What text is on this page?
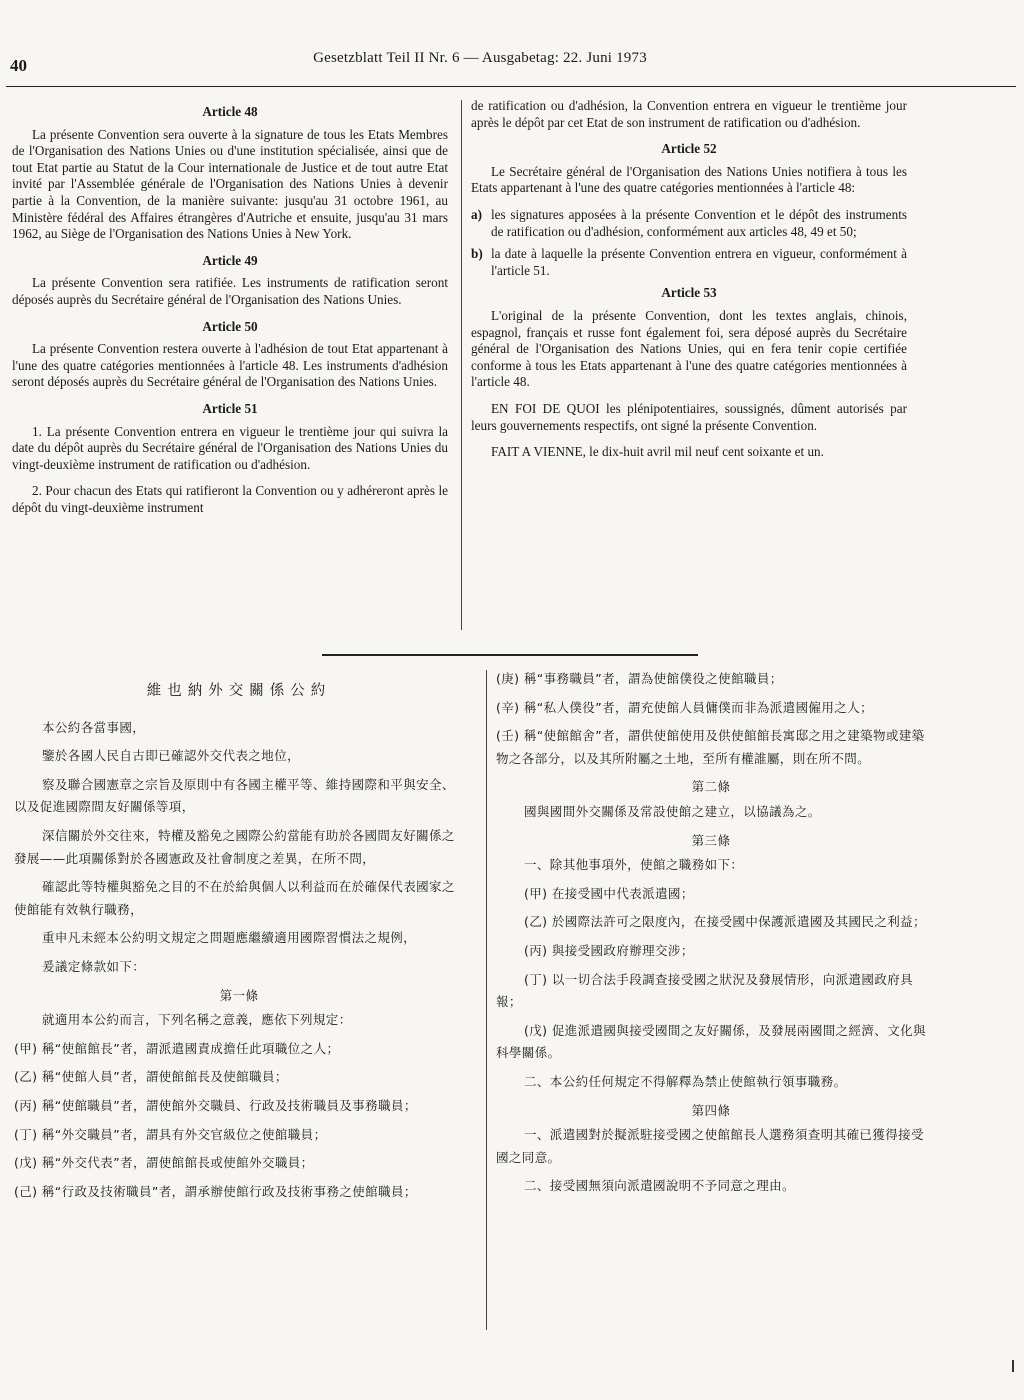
40	Gesetzblatt Teil II Nr. 6 — Ausgabetag: 22. Juni 1973
Article 48

La présente Convention sera ouverte à la signature de tous les Etats Membres de l'Organisation des Nations Unies ou d'une institution spécialisée, ainsi que de tout Etat partie au Statut de la Cour internationale de Justice et de tout autre Etat invité par l'Assemblée générale de l'Organisation des Nations Unies à devenir partie à la Convention, de la manière suivante: jusqu'au 31 octobre 1961, au Ministère fédéral des Affaires étrangères d'Autriche et ensuite, jusqu'au 31 mars 1962, au Siège de l'Organisation des Nations Unies à New York.

Article 49

La présente Convention sera ratifiée. Les instruments de ratification seront déposés auprès du Secrétaire général de l'Organisation des Nations Unies.

Article 50

La présente Convention restera ouverte à l'adhésion de tout Etat appartenant à l'une des quatre catégories mentionnées à l'article 48. Les instruments d'adhésion seront déposés auprès du Secrétaire général de l'Organisation des Nations Unies.

Article 51

1. La présente Convention entrera en vigueur le trentième jour qui suivra la date du dépôt auprès du Secrétaire général de l'Organisation des Nations Unies du vingt-deuxième instrument de ratification ou d'adhésion.

2. Pour chacun des Etats qui ratifieront la Convention ou y adhéreront après le dépôt du vingt-deuxième instrument

de ratification ou d'adhésion, la Convention entrera en vigueur le trentième jour après le dépôt par cet Etat de son instrument de ratification ou d'adhésion.

Article 52

Le Secrétaire général de l'Organisation des Nations Unies notifiera à tous les Etats appartenant à l'une des quatre catégories mentionnées à l'article 48:

a) les signatures apposées à la présente Convention et le dépôt des instruments de ratification ou d'adhésion, conformément aux articles 48, 49 et 50;
b) la date à laquelle la présente Convention entrera en vigueur, conformément à l'article 51.
Article 53

L'original de la présente Convention, dont les textes anglais, chinois, espagnol, français et russe font également foi, sera déposé auprès du Secrétaire général de l'Organisation des Nations Unies, qui en fera tenir copie certifiée conforme à tous les Etats appartenant à l'une des quatre catégories mentionnées à l'article 48.

EN FOI DE QUOI les plénipotentiaires, soussignés, dûment autorisés par leurs gouvernements respectifs, ont signé la présente Convention.

FAIT A VIENNE, le dix-huit avril mil neuf cent soixante et un.

維也納外交關係公約

本公約各當事國，

鑒於各國人民自古即已確認外交代表之地位，

察及聯合國憲章之宗旨及原則中有各國主權平等、維持國際和平與安全、以及促進國際間友好關係等項，

深信關於外交往來，特權及豁免之國際公約當能有助於各國間友好關係之發展——此項關係對於各國憲政及社會制度之差異，在所不問，

確認此等特權與豁免之目的不在於給與個人以利益而在於確保代表國家之使館能有效執行職務，

重申凡未經本公約明文規定之問題應繼續適用國際習慣法之規例，

爰議定條款如下：

第一條

就適用本公約而言，下列名稱之意義，應依下列規定：

(甲) 稱“使館館長”者，謂派遣國責成擔任此項職位之人；

(乙) 稱“使館人員”者，謂使館館長及使館職員；

(丙) 稱“使館職員”者，謂使館外交職員、行政及技術職員及事務職員；

(丁) 稱“外交職員”者，謂具有外交官級位之使館職員；

(戊) 稱“外交代表”者，謂使館館長或使館外交職員；

(己) 稱“行政及技術職員”者，謂承辦使館行政及技術事務之使館職員；

(庚) 稱“事務職員”者，謂為使館僕役之使館職員；

(辛) 稱“私人僕役”者，謂充使館人員傭僕而非為派遣國僱用之人；

(壬) 稱“使館館舍”者，謂供使館使用及供使館館長寓邸之用之建築物或建築物之各部分，以及其所附屬之土地，至所有權誰屬，則在所不問。

第二條

國與國間外交關係及常設使館之建立，以協議為之。

第三條

一、除其他事項外，使館之職務如下：

(甲) 在接受國中代表派遣國；

(乙) 於國際法許可之限度內，在接受國中保護派遣國及其國民之利益；

(丙) 與接受國政府辦理交涉；

(丁) 以一切合法手段調查接受國之狀況及發展情形，向派遣國政府具報；

(戊) 促進派遣國與接受國間之友好關係，及發展兩國間之經濟、文化與科學關係。

二、本公約任何規定不得解釋為禁止使館執行領事職務。

第四條

一、派遣國對於擬派駐接受國之使館館長人選務須查明其確已獲得接受國之同意。

二、接受國無須向派遣國說明不予同意之理由。
